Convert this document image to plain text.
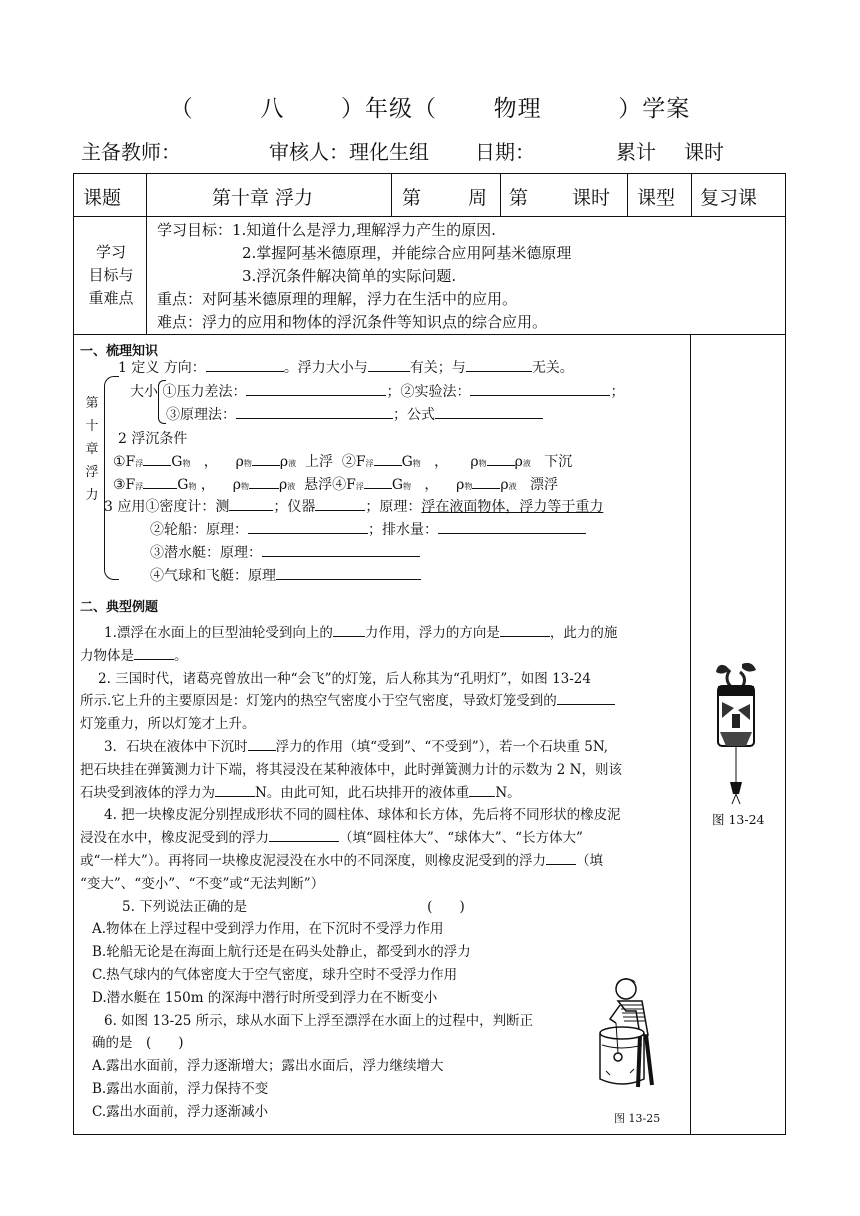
（	八 ）年级（ 物理	）学案
主备教师：	审核人：理化生组 日期：	累计 课时
课题	第十章 浮力	第 周 第 课时 课型 复习课
学习
目标与
重难点
学习目标：1.知道什么是浮力,理解浮力产生的原因.
2.掌握阿基米德原理，并能综合应用阿基米德原理
3.浮沉条件解决简单的实际问题.
重点：对阿基米德原理的理解，浮力在生活中的应用。
难点：浮力的应用和物体的浮沉条件等知识点的综合应用。
一、梳理知识
第
十
章
浮
力
1 定义 方向：	。浮力大小与	有关；与	无关。
大小 ①压力差法：	；②实验法：	；
③原理法：	；公式
2 浮沉条件
①F浮 G物   ，    ρ物 ρ液 上浮 ②F浮 G物   ，     ρ物 ρ液 下沉
③F浮 G物 ，    ρ物 ρ液 悬浮④F浮 G物   ，    ρ物 ρ液 漂浮
3 应用①密度计：测	；仪器	；原理：浮在液面物体，浮力等于重力
②轮船：原理：	；排水量：
③潜水艇：原理：
④气球和飞艇：原理
二、典型例题
1.漂浮在水面上的巨型油轮受到向上的 力作用，浮力的方向是	，此力的施
力物体是	。
2. 三国时代，诸葛亮曾放出一种“会飞”的灯笼，后人称其为“孔明灯”，如图 13-24
所示.它上升的主要原因是：灯笼内的热空气密度小于空气密度，导致灯笼受到的
灯笼重力，所以灯笼才上升。
3．石块在液体中下沉时 浮力的作用（填“受到”、“不受到”），若一个石块重 5N,
把石块挂在弹簧测力计下端，将其浸没在某种液体中，此时弹簧测力计的示数为 2 N，则该
石块受到液体的浮力为	N。由此可知，此石块排开的液体重 N。
4. 把一块橡皮泥分别捏成形状不同的圆柱体、球体和长方体，先后将不同形状的橡皮泥
浸没在水中，橡皮泥受到的浮力	（填“圆柱体大”、“球体大”、“长方体大”
或“一样大”）。再将同一块橡皮泥浸没在水中的不同深度，则橡皮泥受到的浮力 （填
“变大”、“变小”、“不变”或“无法判断”）
5. 下列说法正确的是	(　　)
A.物体在上浮过程中受到浮力作用，在下沉时不受浮力作用
B.轮船无论是在海面上航行还是在码头处静止，都受到水的浮力
C.热气球内的气体密度大于空气密度，球升空时不受浮力作用
D.潜水艇在 150m 的深海中潜行时所受到浮力在不断变小
6. 如图 13-25 所示，球从水面下上浮至漂浮在水面上的过程中，判断正
确的是　(　　)
A.露出水面前，浮力逐渐增大；露出水面后，浮力继续增大
B.露出水面前，浮力保持不变
C.露出水面前，浮力逐渐减小
图 13-24
图 13-25
